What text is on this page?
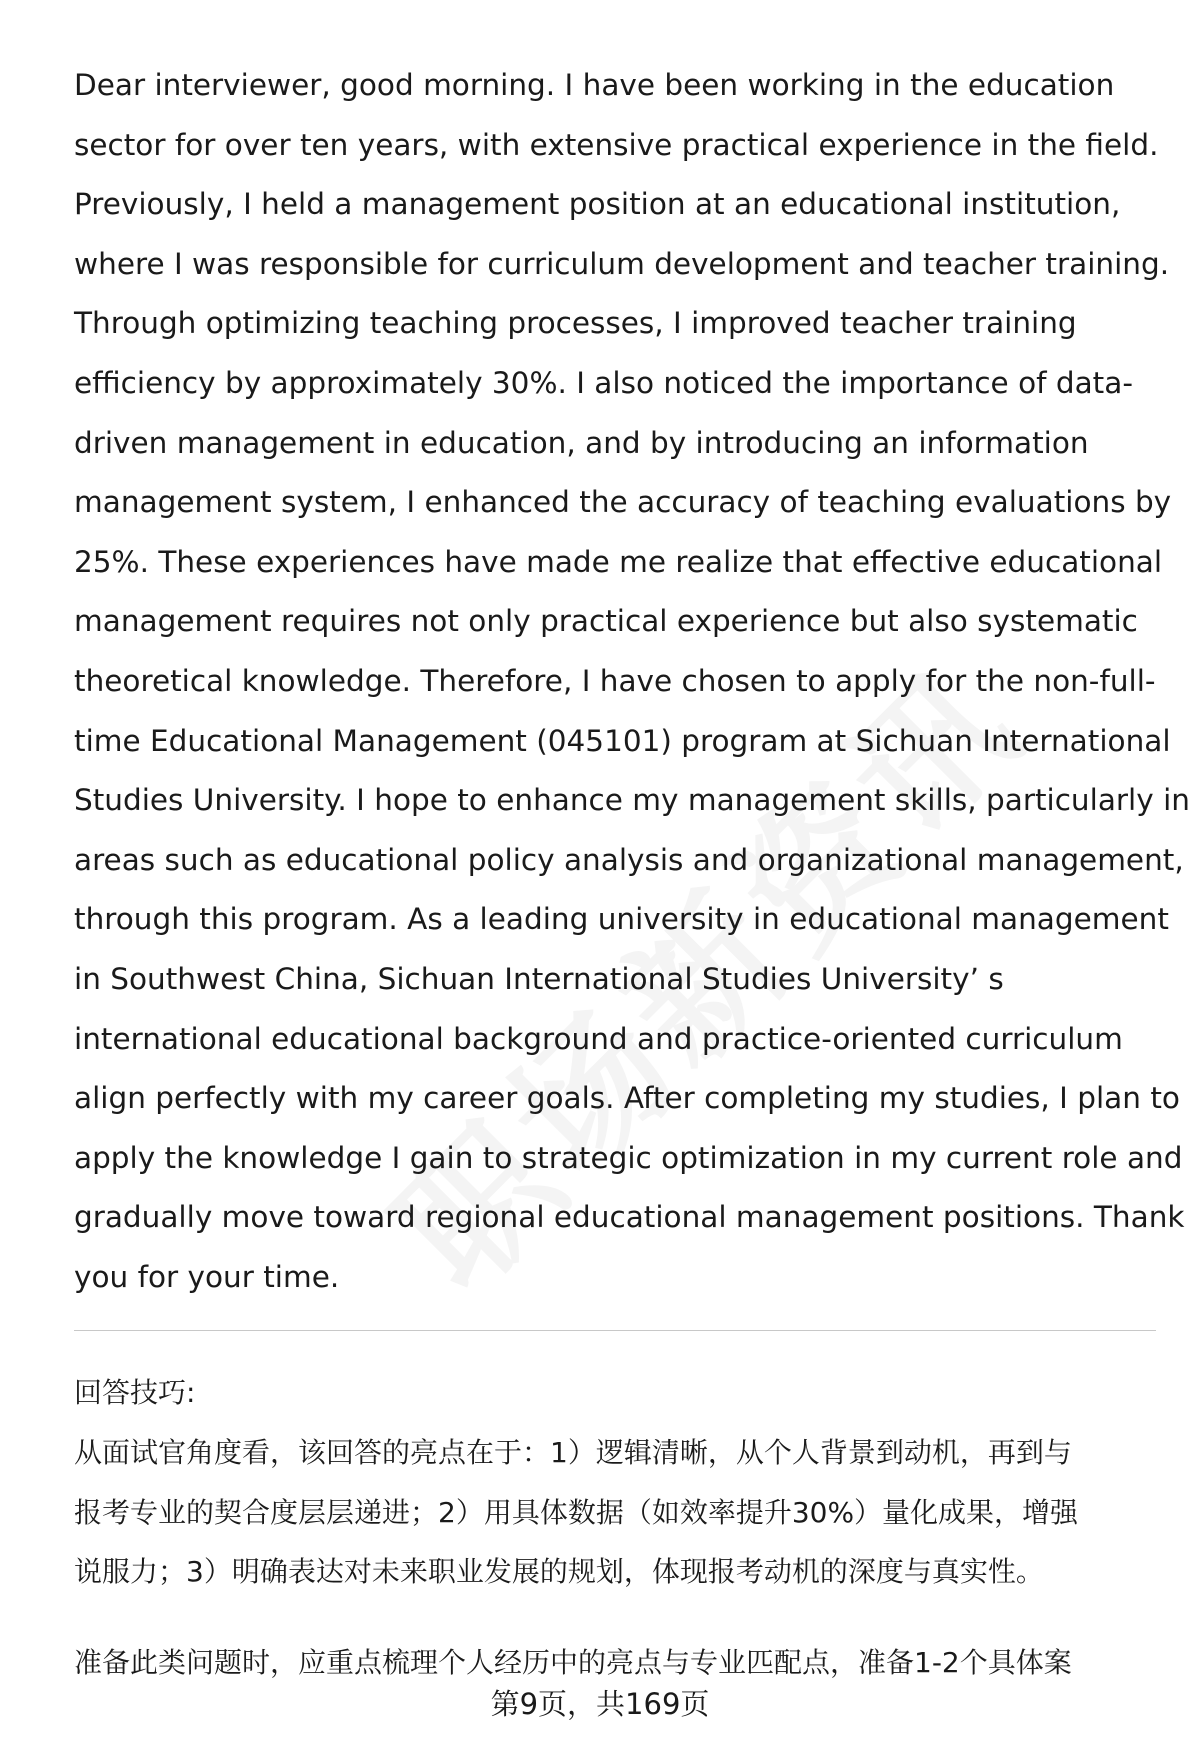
Dear interviewer, good morning. I have been working in the education
sector for over ten years, with extensive practical experience in the field.
Previously, I held a management position at an educational institution,
where I was responsible for curriculum development and teacher training.
Through optimizing teaching processes, I improved teacher training
efficiency by approximately 30%. I also noticed the importance of data-
driven management in education, and by introducing an information
management system, I enhanced the accuracy of teaching evaluations by
25%. These experiences have made me realize that effective educational
management requires not only practical experience but also systematic
theoretical knowledge. Therefore, I have chosen to apply for the non-full-
time Educational Management (045101) program at Sichuan International
Studies University. I hope to enhance my management skills, particularly in
areas such as educational policy analysis and organizational management,
through this program. As a leading university in educational management
in Southwest China, Sichuan International Studies University’ s
international educational background and practice-oriented curriculum
align perfectly with my career goals. After completing my studies, I plan to
apply the knowledge I gain to strategic optimization in my current role and
gradually move toward regional educational management positions. Thank
you for your time.

回答技巧:

从面试官角度看，该回答的亮点在于：1）逻辑清晰，从个人背景到动机，再到与
报考专业的契合度层层递进；2）用具体数据（如效率提升30%）量化成果，增强
说服力；3）明确表达对未来职业发展的规划，体现报考动机的深度与真实性。

准备此类问题时，应重点梳理个人经历中的亮点与专业匹配点，准备1-2个具体案

第9页，共169页
